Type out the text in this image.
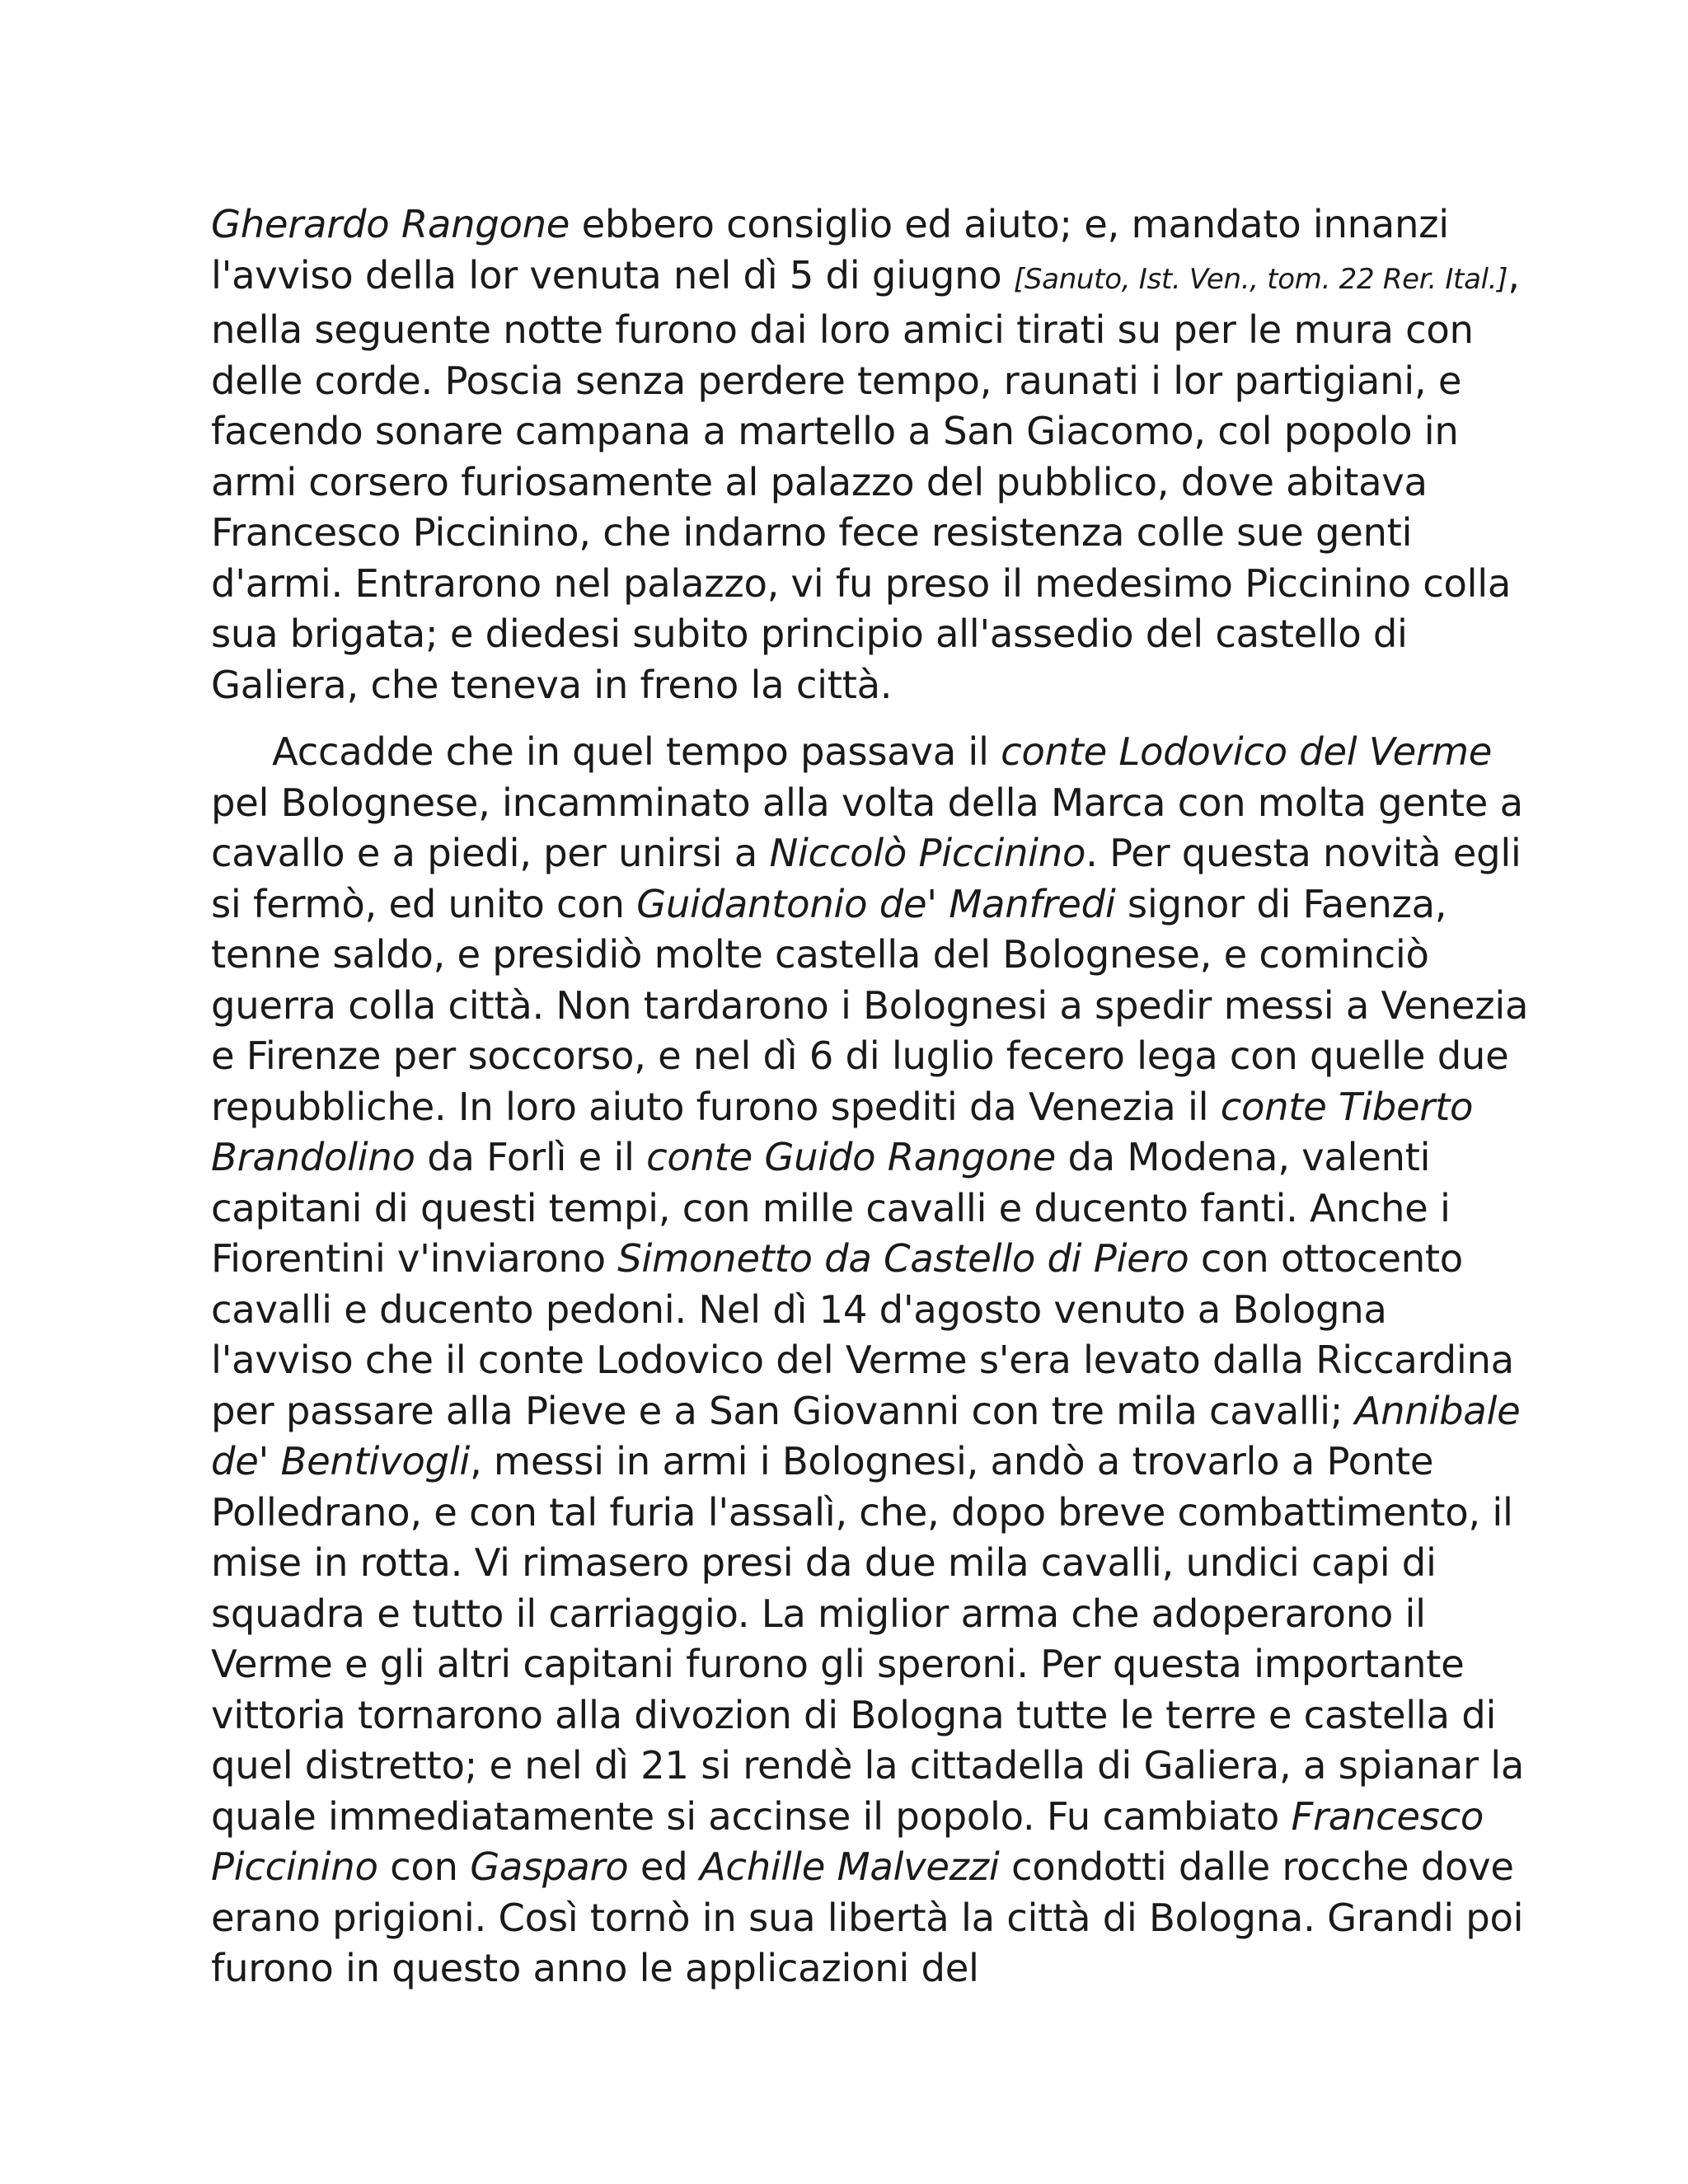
Gherardo Rangone ebbero consiglio ed aiuto; e, mandato innanzi l'avviso della lor venuta nel dì 5 di giugno [Sanuto, Ist. Ven., tom. 22 Rer. Ital.], nella seguente notte furono dai loro amici tirati su per le mura con delle corde. Poscia senza perdere tempo, raunati i lor partigiani, e facendo sonare campana a martello a San Giacomo, col popolo in armi corsero furiosamente al palazzo del pubblico, dove abitava Francesco Piccinino, che indarno fece resistenza colle sue genti d'armi. Entrarono nel palazzo, vi fu preso il medesimo Piccinino colla sua brigata; e diedesi subito principio all'assedio del castello di Galiera, che teneva in freno la città.

Accadde che in quel tempo passava il conte Lodovico del Verme pel Bolognese, incamminato alla volta della Marca con molta gente a cavallo e a piedi, per unirsi a Niccolò Piccinino. Per questa novità egli si fermò, ed unito con Guidantonio de' Manfredi signor di Faenza, tenne saldo, e presidiò molte castella del Bolognese, e cominciò guerra colla città. Non tardarono i Bolognesi a spedir messi a Venezia e Firenze per soccorso, e nel dì 6 di luglio fecero lega con quelle due repubbliche. In loro aiuto furono spediti da Venezia il conte Tiberto Brandolino da Forlì e il conte Guido Rangone da Modena, valenti capitani di questi tempi, con mille cavalli e ducento fanti. Anche i Fiorentini v'inviarono Simonetto da Castello di Piero con ottocento cavalli e ducento pedoni. Nel dì 14 d'agosto venuto a Bologna l'avviso che il conte Lodovico del Verme s'era levato dalla Riccardina per passare alla Pieve e a San Giovanni con tre mila cavalli; Annibale de' Bentivogli, messi in armi i Bolognesi, andò a trovarlo a Ponte Polledrano, e con tal furia l'assalì, che, dopo breve combattimento, il mise in rotta. Vi rimasero presi da due mila cavalli, undici capi di squadra e tutto il carriaggio. La miglior arma che adoperarono il Verme e gli altri capitani furono gli speroni. Per questa importante vittoria tornarono alla divozion di Bologna tutte le terre e castella di quel distretto; e nel dì 21 si rendè la cittadella di Galiera, a spianar la quale immediatamente si accinse il popolo. Fu cambiato Francesco Piccinino con Gasparo ed Achille Malvezzi condotti dalle rocche dove erano prigioni. Così tornò in sua libertà la città di Bologna. Grandi poi furono in questo anno le applicazioni del
